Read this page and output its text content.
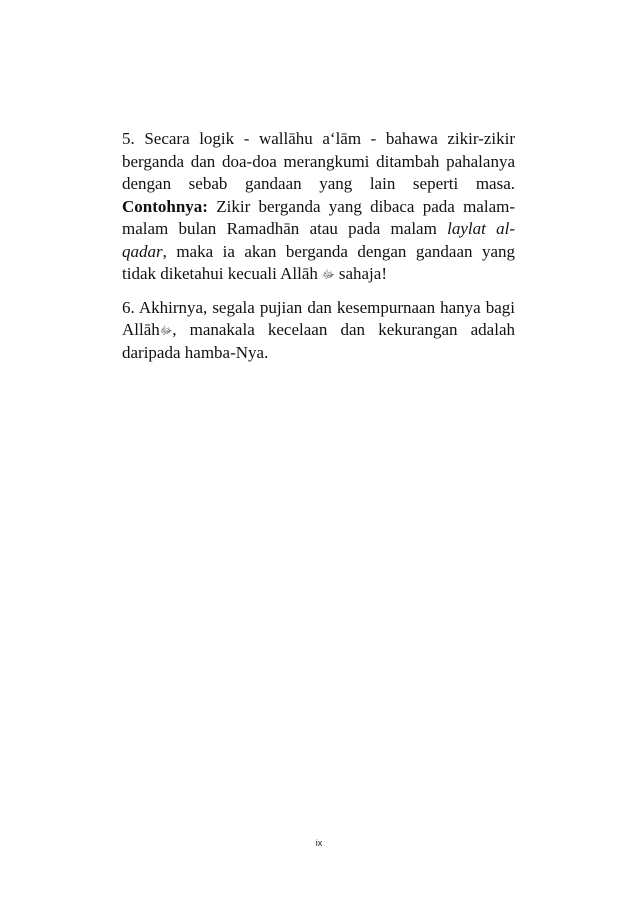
5. Secara logik - wallāhu a‘lām - bahawa zikir-zikir berganda dan doa-doa merangkumi ditambah pahalanya dengan sebab gandaan yang lain seperti masa. Contohnya: Zikir berganda yang dibaca pada malam-malam bulan Ramadhān atau pada malam laylat al-qadar, maka ia akan berganda dengan gandaan yang tidak diketahui kecuali Allāh ﷻ sahaja!

6. Akhirnya, segala pujian dan kesempurnaan hanya bagi Allāhﷻ, manakala kecelaan dan kekurangan adalah daripada hamba-Nya.

ix
